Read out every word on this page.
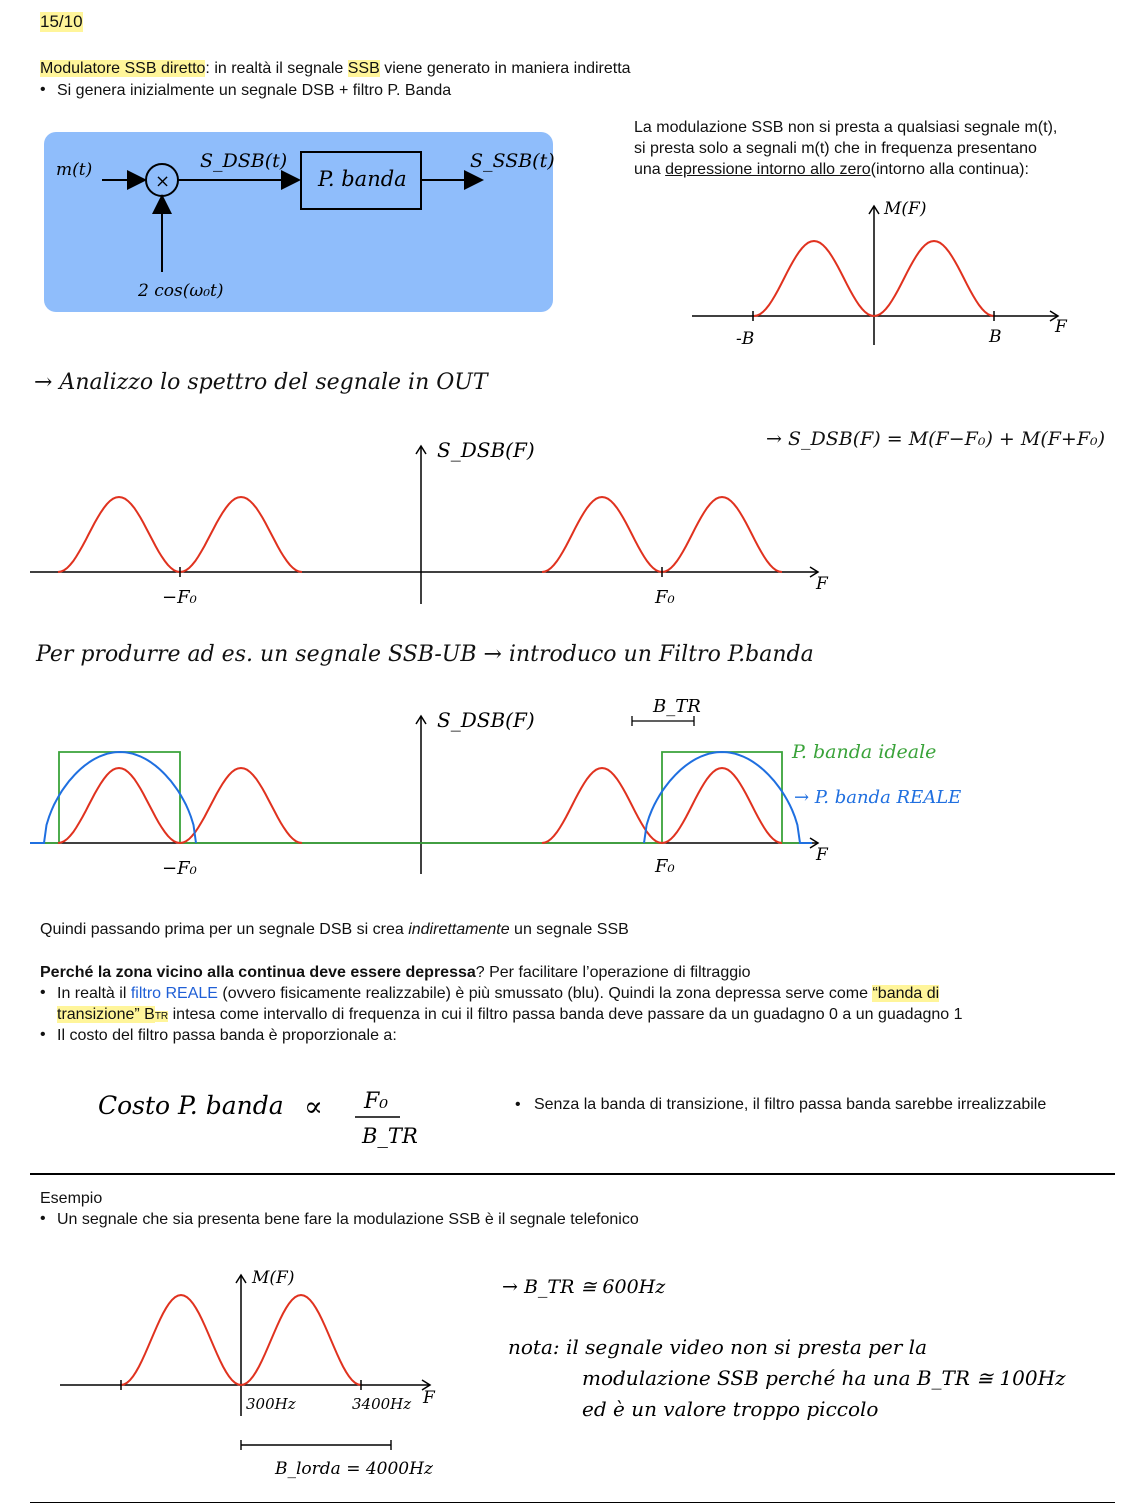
15/10
Modulatore SSB diretto: in realtà il segnale SSB viene generato in maniera indiretta
• Si genera inizialmente un segnale DSB + filtro P. Banda
m(t)
×
S_DSB(t)
P. banda
S_SSB(t)
2 cos(ω₀t)
La modulazione SSB non si presta a qualsiasi segnale m(t),
si presta solo a segnali m(t) che in frequenza presentano
una depressione intorno allo zero(intorno alla continua):
M(F)
F
-B	B
→ Analizzo lo spettro del segnale in OUT
→ S_DSB(F) = M(F−F₀) + M(F+F₀)
S_DSB(F)
F
−F₀	F₀
Per produrre ad es. un segnale SSB-UB → introduco un Filtro P.banda
B_TR
S_DSB(F)
F
−F₀	F₀
P. banda ideale
→ P. banda REALE
Quindi passando prima per un segnale DSB si crea indirettamente un segnale SSB
Perché la zona vicino alla continua deve essere depressa? Per facilitare l’operazione di filtraggio
• In realtà il filtro REALE (ovvero fisicamente realizzabile) è più smussato (blu). Quindi la zona depressa serve come “banda di
transizione” BTR intesa come intervallo di frequenza in cui il filtro passa banda deve passare da un guadagno 0 a un guadagno 1
• Il costo del filtro passa banda è proporzionale a:
Costo P. banda ∝ F₀
B_TR
•   Senza la banda di transizione, il filtro passa banda sarebbe irrealizzabile
Esempio
• Un segnale che sia presenta bene fare la modulazione SSB è il segnale telefonico
M(F)
F
300Hz	3400Hz
B_lorda = 4000Hz
→ B_TR ≅ 600Hz
nota: il segnale video non si presta per la
modulazione SSB perché ha una B_TR ≅ 100Hz
ed è un valore troppo piccolo
